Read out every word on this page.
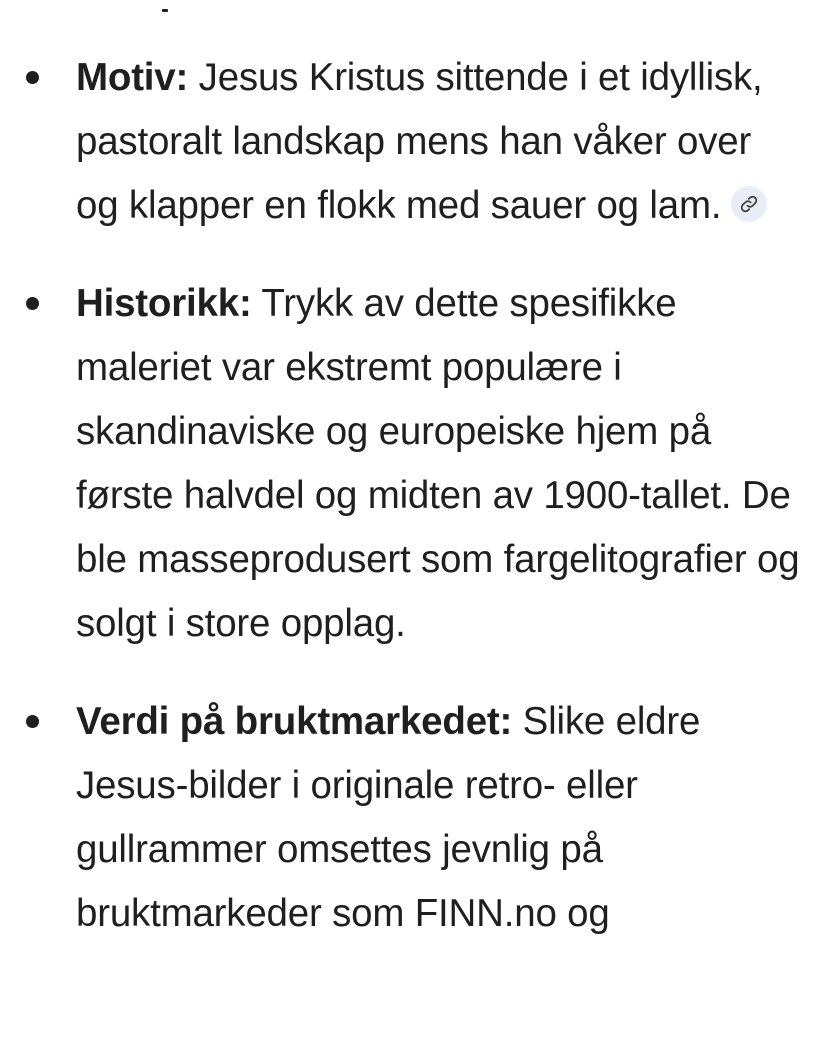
Motiv: Jesus Kristus sittende i et idyllisk, pastoralt landskap mens han våker over og klapper en flokk med sauer og lam.
Historikk: Trykk av dette spesifikke maleriet var ekstremt populære i skandinaviske og europeiske hjem på første halvdel og midten av 1900-tallet. De ble masseprodusert som fargelitografier og solgt i store opplag.
Verdi på bruktmarkedet: Slike eldre Jesus-bilder i originale retro- eller gullrammer omsettes jevnlig på bruktmarkeder som FINN.no og
